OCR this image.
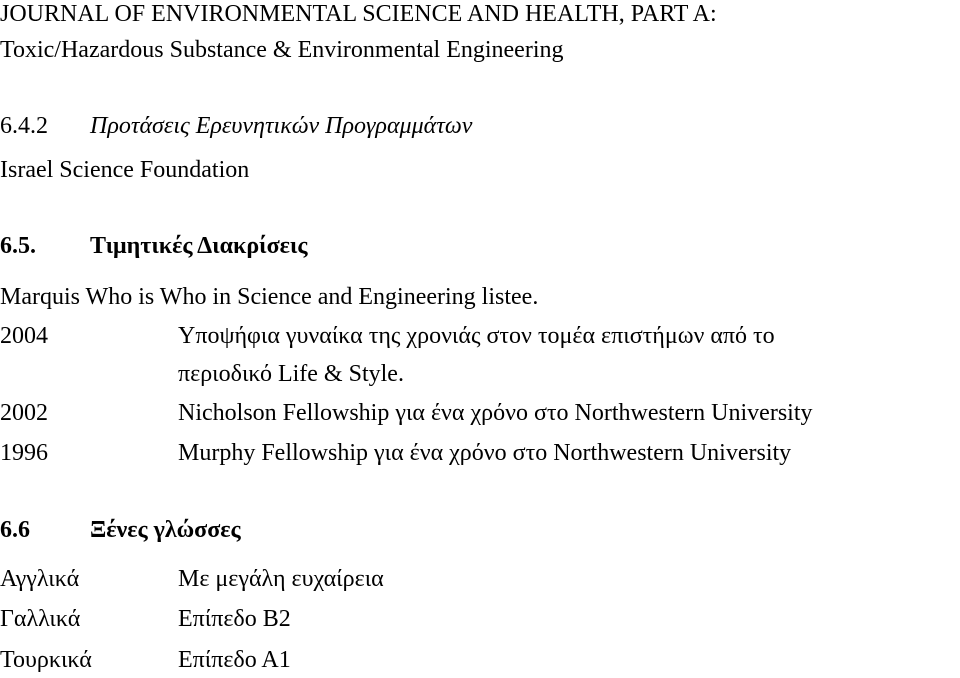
JOURNAL OF ENVIRONMENTAL SCIENCE AND HEALTH, PART A:
Toxic/Hazardous Substance & Environmental Engineering
6.4.2 Προτάσεις Ερευνητικών Προγραμμάτων
Israel Science Foundation
6.5. Τιμητικές Διακρίσεις
Marquis Who is Who in Science and Engineering listee.
2004	Υποψήφια γυναίκα της χρονιάς στον τομέα επιστήμων από το
περιοδικό Life & Style.
2002	Nicholson Fellowship για ένα χρόνο στο Northwestern University
1996	Murphy Fellowship για ένα χρόνο στο Northwestern University
6.6	Ξένες γλώσσες
Αγγλικά	Με μεγάλη ευχαίρεια
Γαλλικά	Επίπεδο Β2
Τουρκικά	Επίπεδο Α1
